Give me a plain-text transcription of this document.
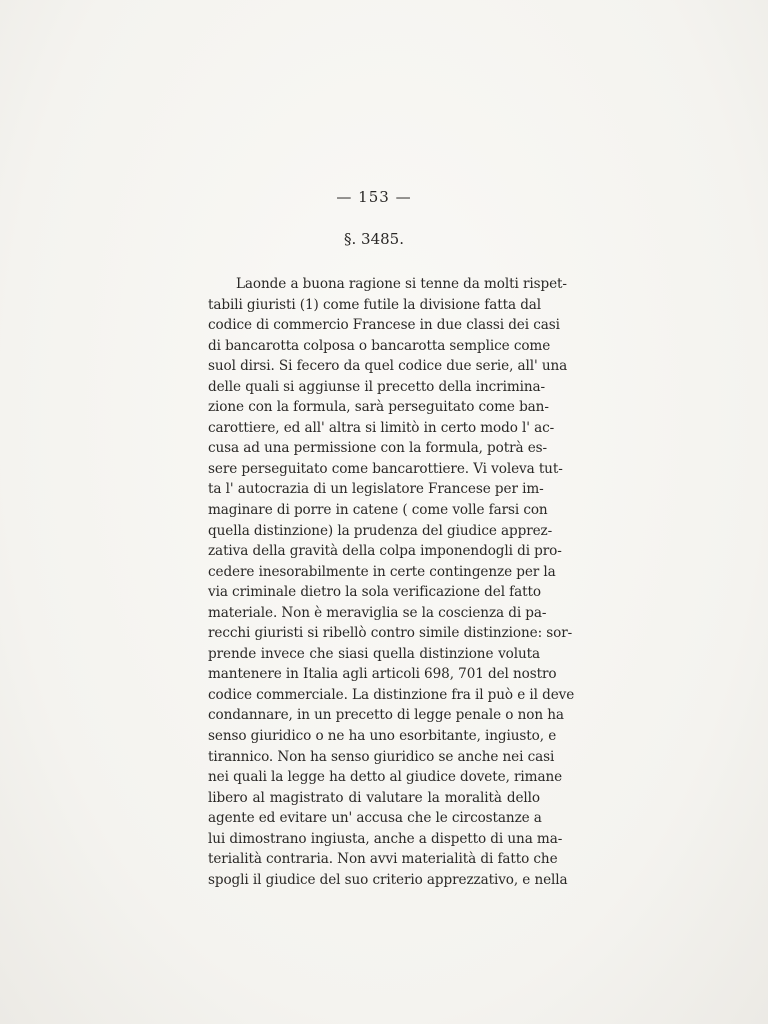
— 153 —
§. 3485.
Laonde a buona ragione si tenne da molti rispet-
tabili giuristi (1) come futile la divisione fatta dal
codice di commercio Francese in due classi dei casi
di bancarotta colposa o bancarotta semplice come
suol dirsi. Si fecero da quel codice due serie, all' una
delle quali si aggiunse il precetto della incrimina-
zione con la formula, sarà perseguitato come ban-
carottiere, ed all' altra si limitò in certo modo l' ac-
cusa ad una permissione con la formula, potrà es-
sere perseguitato come bancarottiere. Vi voleva tut-
ta l' autocrazia di un legislatore Francese per im-
maginare di porre in catene ( come volle farsi con
quella distinzione) la prudenza del giudice apprez-
zativa della gravità della colpa imponendogli di pro-
cedere inesorabilmente in certe contingenze per la
via criminale dietro la sola verificazione del fatto
materiale. Non è meraviglia se la coscienza di pa-
recchi giuristi si ribellò contro simile distinzione: sor-
prende invece che siasi quella distinzione voluta
mantenere in Italia agli articoli 698, 701 del nostro
codice commerciale. La distinzione fra il può e il deve
condannare, in un precetto di legge penale o non ha
senso giuridico o ne ha uno esorbitante, ingiusto, e
tirannico. Non ha senso giuridico se anche nei casi
nei quali la legge ha detto al giudice dovete, rimane
libero al magistrato di valutare la moralità dello
agente ed evitare un' accusa che le circostanze a
lui dimostrano ingiusta, anche a dispetto di una ma-
terialità contraria. Non avvi materialità di fatto che
spogli il giudice del suo criterio apprezzativo, e nella
